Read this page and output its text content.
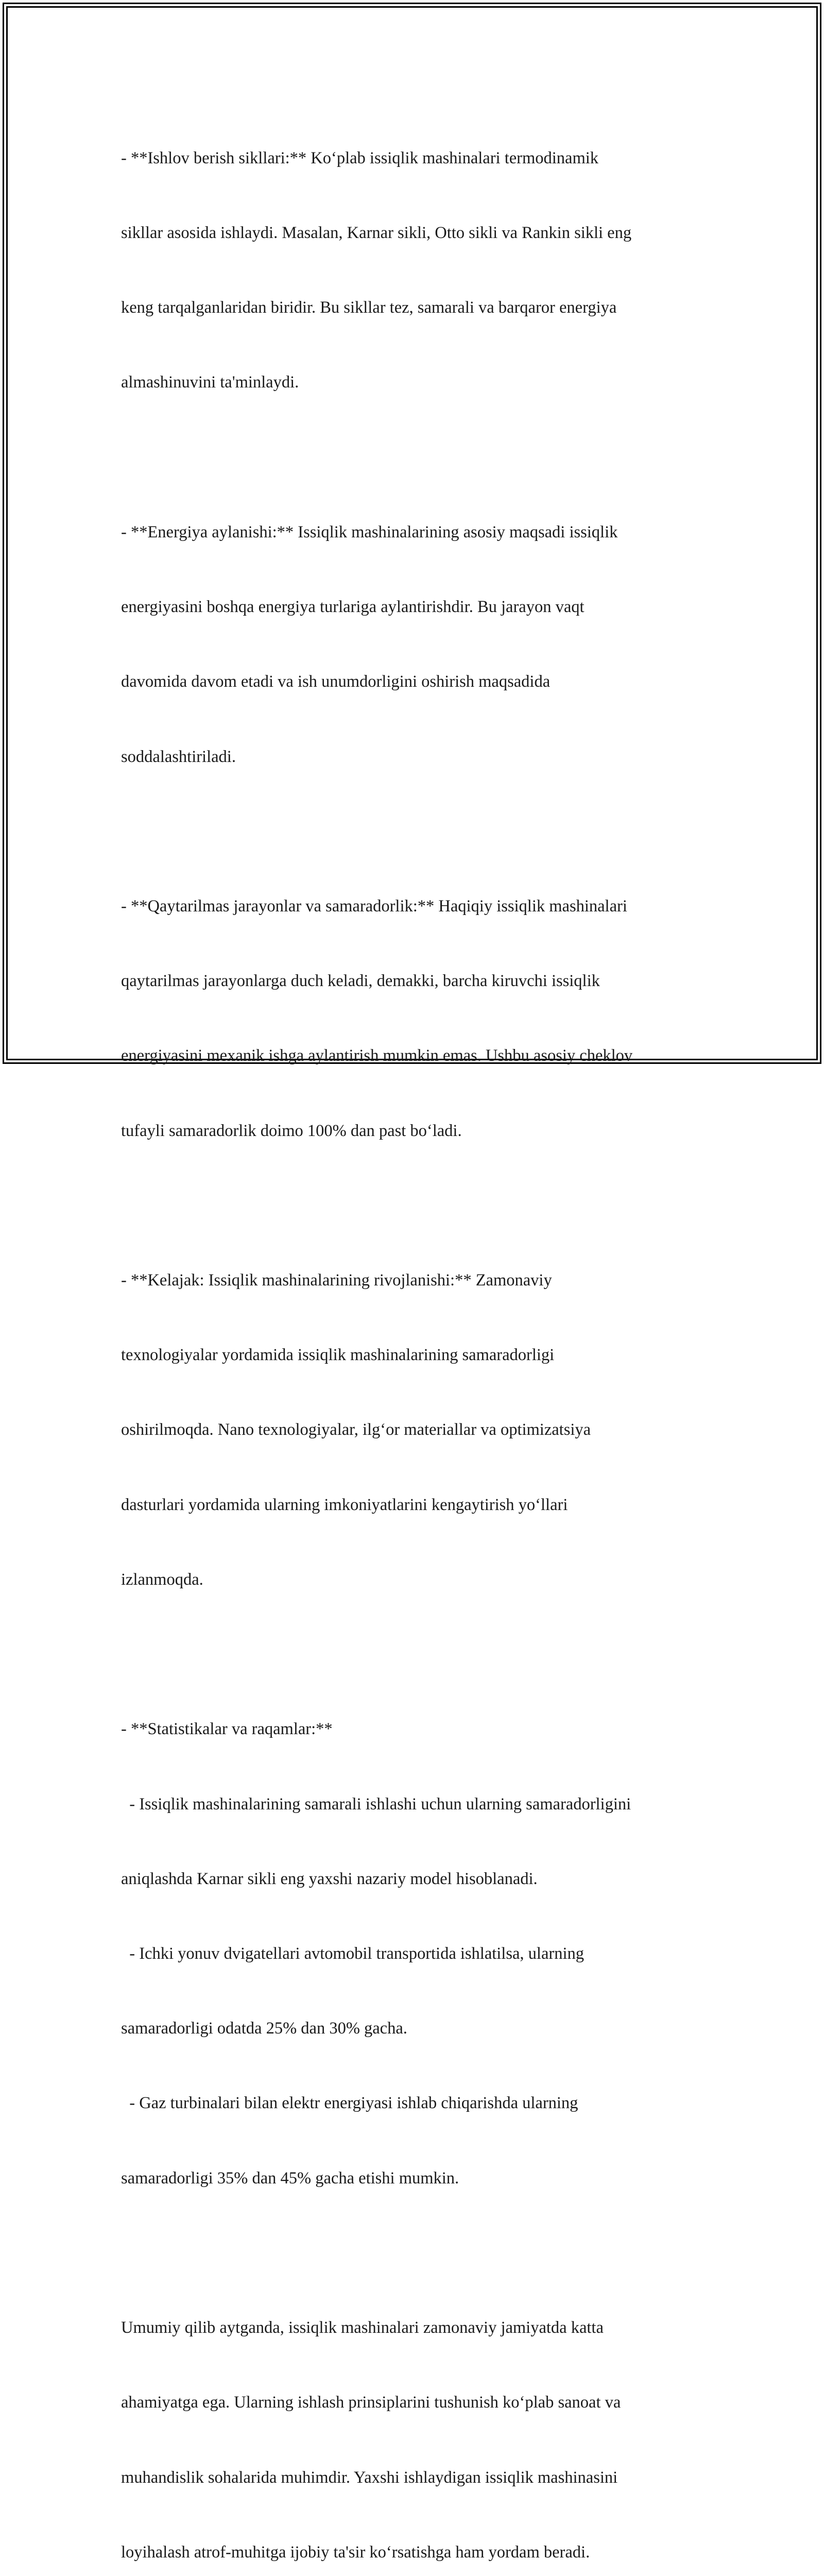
- **Ishlov berish sikllari:** Ko‘plab issiqlik mashinalari termodinamik

sikllar asosida ishlaydi. Masalan, Karnar sikli, Otto sikli va Rankin sikli eng

keng tarqalganlaridan biridir. Bu sikllar tez, samarali va barqaror energiya

almashinuvini ta'minlaydi.

- **Energiya aylanishi:** Issiqlik mashinalarining asosiy maqsadi issiqlik

energiyasini boshqa energiya turlariga aylantirishdir. Bu jarayon vaqt

davomida davom etadi va ish unumdorligini oshirish maqsadida

soddalashtiriladi.

- **Qaytarilmas jarayonlar va samaradorlik:** Haqiqiy issiqlik mashinalari

qaytarilmas jarayonlarga duch keladi, demakki, barcha kiruvchi issiqlik

energiyasini mexanik ishga aylantirish mumkin emas. Ushbu asosiy cheklov

tufayli samaradorlik doimo 100% dan past bo‘ladi.

- **Kelajak: Issiqlik mashinalarining rivojlanishi:** Zamonaviy

texnologiyalar yordamida issiqlik mashinalarining samaradorligi

oshirilmoqda. Nano texnologiyalar, ilg‘or materiallar va optimizatsiya

dasturlari yordamida ularning imkoniyatlarini kengaytirish yo‘llari

izlanmoqda.

- **Statistikalar va raqamlar:**

- Issiqlik mashinalarining samarali ishlashi uchun ularning samaradorligini

aniqlashda Karnar sikli eng yaxshi nazariy model hisoblanadi.

- Ichki yonuv dvigatellari avtomobil transportida ishlatilsa, ularning

samaradorligi odatda 25% dan 30% gacha.

- Gaz turbinalari bilan elektr energiyasi ishlab chiqarishda ularning

samaradorligi 35% dan 45% gacha etishi mumkin.

Umumiy qilib aytganda, issiqlik mashinalari zamonaviy jamiyatda katta

ahamiyatga ega. Ularning ishlash prinsiplarini tushunish ko‘plab sanoat va

muhandislik sohalarida muhimdir. Yaxshi ishlaydigan issiqlik mashinasini

loyihalash atrof-muhitga ijobiy ta'sir ko‘rsatishga ham yordam beradi.
